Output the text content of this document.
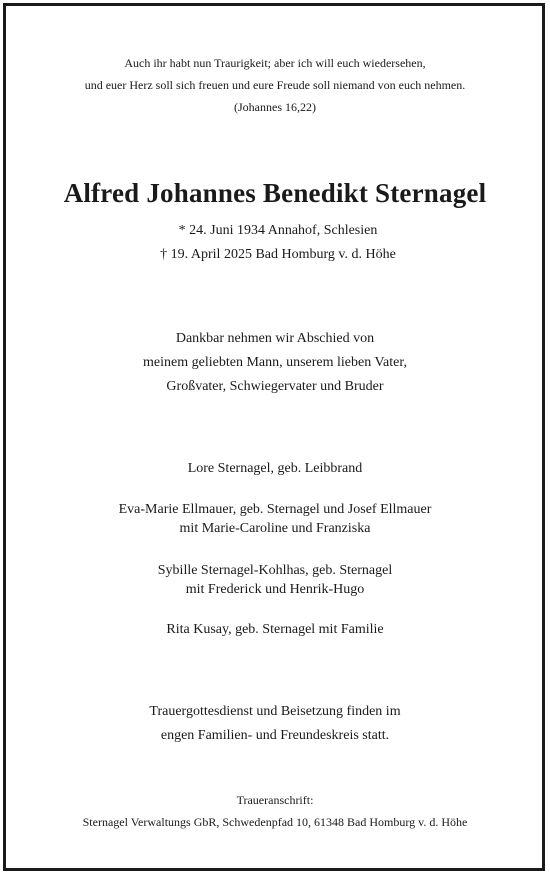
Auch ihr habt nun Traurigkeit; aber ich will euch wiedersehen,
und euer Herz soll sich freuen und eure Freude soll niemand von euch nehmen.
(Johannes 16,22)
Alfred Johannes Benedikt Sternagel
* 24. Juni 1934 Annahof, Schlesien
† 19. April 2025 Bad Homburg v. d. Höhe
Dankbar nehmen wir Abschied von
meinem geliebten Mann, unserem lieben Vater,
Großvater, Schwiegervater und Bruder
Lore Sternagel, geb. Leibbrand
Eva-Marie Ellmauer, geb. Sternagel und Josef Ellmauer
mit Marie-Caroline und Franziska
Sybille Sternagel-Kohlhas, geb. Sternagel
mit Frederick und Henrik-Hugo
Rita Kusay, geb. Sternagel mit Familie
Trauergottesdienst und Beisetzung finden im
engen Familien- und Freundeskreis statt.
Traueranschrift:
Sternagel Verwaltungs GbR, Schwedenpfad 10, 61348 Bad Homburg v. d. Höhe
